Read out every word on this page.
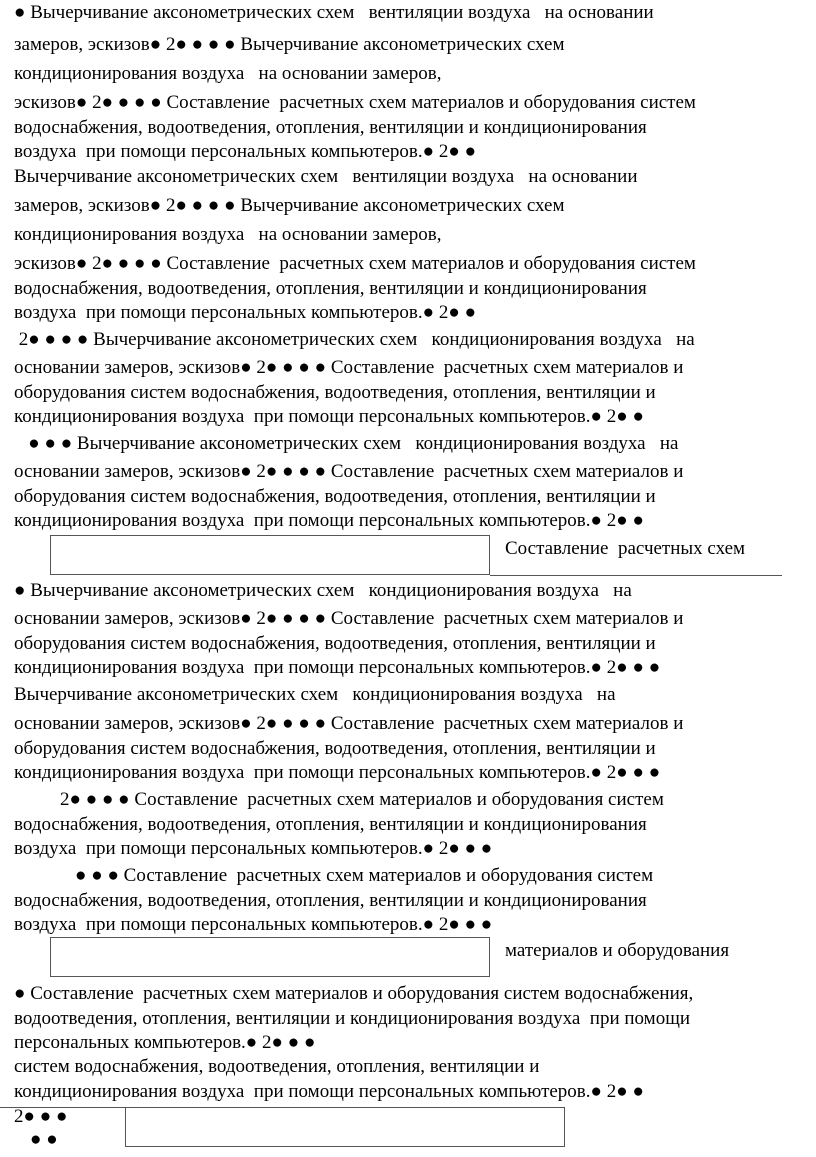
● Вычерчивание аксонометрических схем   вентиляции воздуха   на основании
замеров, эскизов● 2● ● ● ● Вычерчивание аксонометрических схем
кондиционирования воздуха   на основании замеров,
эскизов● 2● ● ● ● Составление  расчетных схем материалов и оборудования систем
водоснабжения, водоотведения, отопления, вентиляции и кондиционирования
воздуха  при помощи персональных компьютеров.● 2● ●
Вычерчивание аксонометрических схем   вентиляции воздуха   на основании
замеров, эскизов● 2● ● ● ● Вычерчивание аксонометрических схем
кондиционирования воздуха   на основании замеров,
эскизов● 2● ● ● ● Составление  расчетных схем материалов и оборудования систем
водоснабжения, водоотведения, отопления, вентиляции и кондиционирования
воздуха  при помощи персональных компьютеров.● 2● ●
2● ● ● ● Вычерчивание аксонометрических схем   кондиционирования воздуха   на
основании замеров, эскизов● 2● ● ● ● Составление  расчетных схем материалов и
оборудования систем водоснабжения, водоотведения, отопления, вентиляции и
кондиционирования воздуха  при помощи персональных компьютеров.● 2● ●
● ● ● Вычерчивание аксонометрических схем   кондиционирования воздуха   на
основании замеров, эскизов● 2● ● ● ● Составление  расчетных схем материалов и
оборудования систем водоснабжения, водоотведения, отопления, вентиляции и
кондиционирования воздуха  при помощи персональных компьютеров.● 2● ●
Составление  расчетных схем
● Вычерчивание аксонометрических схем   кондиционирования воздуха   на
основании замеров, эскизов● 2● ● ● ● Составление  расчетных схем материалов и
оборудования систем водоснабжения, водоотведения, отопления, вентиляции и
кондиционирования воздуха  при помощи персональных компьютеров.● 2● ● ●
Вычерчивание аксонометрических схем   кондиционирования воздуха   на
основании замеров, эскизов● 2● ● ● ● Составление  расчетных схем материалов и
оборудования систем водоснабжения, водоотведения, отопления, вентиляции и
кондиционирования воздуха  при помощи персональных компьютеров.● 2● ● ●
2● ● ● ● Составление  расчетных схем материалов и оборудования систем
водоснабжения, водоотведения, отопления, вентиляции и кондиционирования
воздуха  при помощи персональных компьютеров.● 2● ● ●
● ● ● Составление  расчетных схем материалов и оборудования систем
водоснабжения, водоотведения, отопления, вентиляции и кондиционирования
воздуха  при помощи персональных компьютеров.● 2● ● ●
материалов и оборудования
● Составление  расчетных схем материалов и оборудования систем водоснабжения,
водоотведения, отопления, вентиляции и кондиционирования воздуха  при помощи
персональных компьютеров.● 2● ● ●
систем водоснабжения, водоотведения, отопления, вентиляции и
кондиционирования воздуха  при помощи персональных компьютеров.● 2● ●
2● ● ●
● ●
